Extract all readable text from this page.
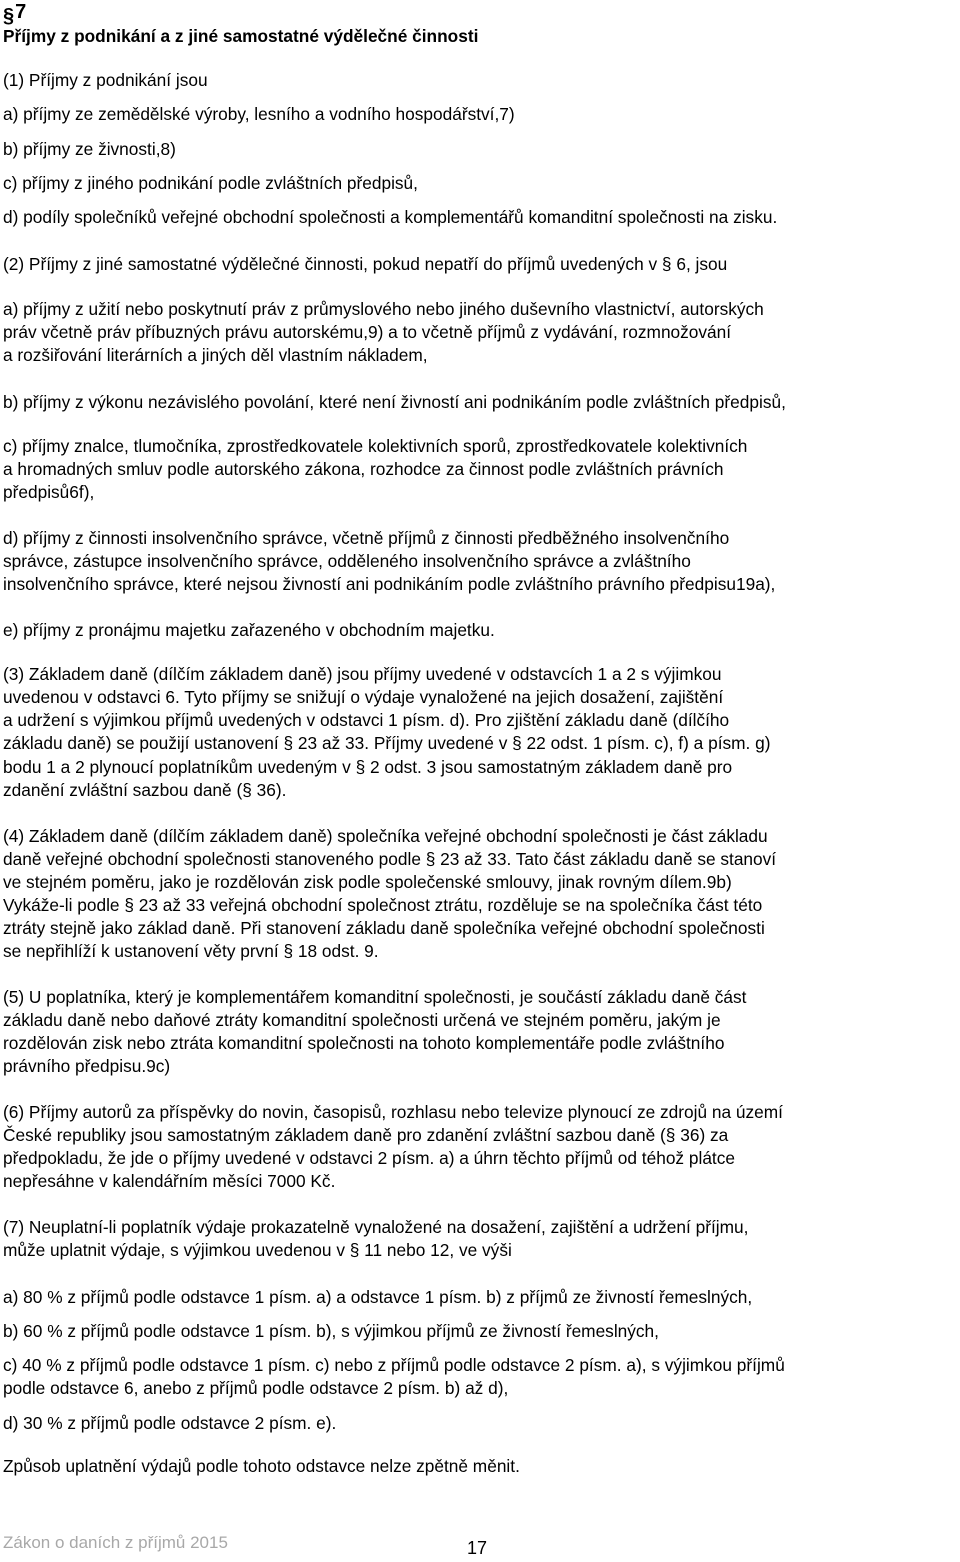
§7
Příjmy z podnikání a z jiné samostatné výdělečné činnosti
(1) Příjmy z podnikání jsou
a) příjmy ze zemědělské výroby, lesního a vodního hospodářství,7)
b) příjmy ze živnosti,8)
c) příjmy z jiného podnikání podle zvláštních předpisů,
d) podíly společníků veřejné obchodní společnosti a komplementářů komanditní společnosti na zisku.
(2) Příjmy z jiné samostatné výdělečné činnosti, pokud nepatří do příjmů uvedených v § 6, jsou
a) příjmy z užití nebo poskytnutí práv z průmyslového nebo jiného duševního vlastnictví, autorských
práv včetně práv příbuzných právu autorskému,9) a to včetně příjmů z vydávání, rozmnožování
a rozšiřování literárních a jiných děl vlastním nákladem,
b) příjmy z výkonu nezávislého povolání, které není živností ani podnikáním podle zvláštních předpisů,
c) příjmy znalce, tlumočníka, zprostředkovatele kolektivních sporů, zprostředkovatele kolektivních
a hromadných smluv podle autorského zákona, rozhodce za činnost podle zvláštních právních
předpisů6f),
d) příjmy z činnosti insolvenčního správce, včetně příjmů z činnosti předběžného insolvenčního
správce, zástupce insolvenčního správce, odděleného insolvenčního správce a zvláštního
insolvenčního správce, které nejsou živností ani podnikáním podle zvláštního právního předpisu19a),
e) příjmy z pronájmu majetku zařazeného v obchodním majetku.
(3) Základem daně (dílčím základem daně) jsou příjmy uvedené v odstavcích 1 a 2 s výjimkou
uvedenou v odstavci 6. Tyto příjmy se snižují o výdaje vynaložené na jejich dosažení, zajištění
a udržení s výjimkou příjmů uvedených v odstavci 1 písm. d). Pro zjištění základu daně (dílčího
základu daně) se použijí ustanovení § 23 až 33. Příjmy uvedené v § 22 odst. 1 písm. c), f) a písm. g)
bodu 1 a 2 plynoucí poplatníkům uvedeným v § 2 odst. 3 jsou samostatným základem daně pro
zdanění zvláštní sazbou daně (§ 36).
(4) Základem daně (dílčím základem daně) společníka veřejné obchodní společnosti je část základu
daně veřejné obchodní společnosti stanoveného podle § 23 až 33. Tato část základu daně se stanoví
ve stejném poměru, jako je rozdělován zisk podle společenské smlouvy, jinak rovným dílem.9b)
Vykáže-li podle § 23 až 33 veřejná obchodní společnost ztrátu, rozděluje se na společníka část této
ztráty stejně jako základ daně. Při stanovení základu daně společníka veřejné obchodní společnosti
se nepřihlíží k ustanovení věty první § 18 odst. 9.
(5) U poplatníka, který je komplementářem komanditní společnosti, je součástí základu daně část
základu daně nebo daňové ztráty komanditní společnosti určená ve stejném poměru, jakým je
rozdělován zisk nebo ztráta komanditní společnosti na tohoto komplementáře podle zvláštního
právního předpisu.9c)
(6) Příjmy autorů za příspěvky do novin, časopisů, rozhlasu nebo televize plynoucí ze zdrojů na území
České republiky jsou samostatným základem daně pro zdanění zvláštní sazbou daně (§ 36) za
předpokladu, že jde o příjmy uvedené v odstavci 2 písm. a) a úhrn těchto příjmů od téhož plátce
nepřesáhne v kalendářním měsíci 7000 Kč.
(7) Neuplatní-li poplatník výdaje prokazatelně vynaložené na dosažení, zajištění a udržení příjmu,
může uplatnit výdaje, s výjimkou uvedenou v § 11 nebo 12, ve výši
a) 80 % z příjmů podle odstavce 1 písm. a) a odstavce 1 písm. b) z příjmů ze živností řemeslných,
b) 60 % z příjmů podle odstavce 1 písm. b), s výjimkou příjmů ze živností řemeslných,
c) 40 % z příjmů podle odstavce 1 písm. c) nebo z příjmů podle odstavce 2 písm. a), s výjimkou příjmů
podle odstavce 6, anebo z příjmů podle odstavce 2 písm. b) až d),
d) 30 % z příjmů podle odstavce 2 písm. e).
Způsob uplatnění výdajů podle tohoto odstavce nelze zpětně měnit.
Zákon o daních z příjmů 2015	17
